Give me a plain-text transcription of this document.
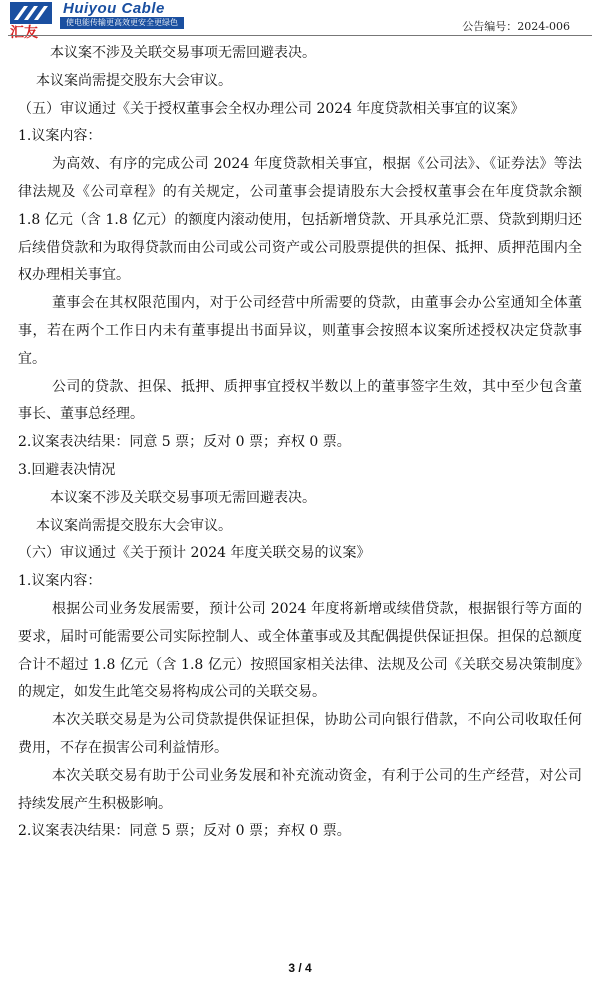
汇友
Huiyou Cable
使电能传输更高效更安全更绿色	公告编号：2024-006

本议案不涉及关联交易事项无需回避表决。

本议案尚需提交股东大会审议。

（五）审议通过《关于授权董事会全权办理公司 2024 年度贷款相关事宜的议案》

1.议案内容：

为高效、有序的完成公司 2024 年度贷款相关事宜，根据《公司法》、《证券法》等法律法规及《公司章程》的有关规定，公司董事会提请股东大会授权董事会在年度贷款余额 1.8 亿元（含 1.8 亿元）的额度内滚动使用，包括新增贷款、开具承兑汇票、贷款到期归还后续借贷款和为取得贷款而由公司或公司资产或公司股票提供的担保、抵押、质押范围内全权办理相关事宜。

董事会在其权限范围内，对于公司经营中所需要的贷款，由董事会办公室通知全体董事，若在两个工作日内未有董事提出书面异议，则董事会按照本议案所述授权决定贷款事宜。

公司的贷款、担保、抵押、质押事宜授权半数以上的董事签字生效，其中至少包含董事长、董事总经理。

2.议案表决结果：同意 5 票；反对 0 票；弃权 0 票。

3.回避表决情况

本议案不涉及关联交易事项无需回避表决。

本议案尚需提交股东大会审议。

（六）审议通过《关于预计 2024 年度关联交易的议案》

1.议案内容：

根据公司业务发展需要，预计公司 2024 年度将新增或续借贷款，根据银行等方面的要求，届时可能需要公司实际控制人、或全体董事或及其配偶提供保证担保。担保的总额度合计不超过 1.8 亿元（含 1.8 亿元）按照国家相关法律、法规及公司《关联交易决策制度》的规定，如发生此笔交易将构成公司的关联交易。

本次关联交易是为公司贷款提供保证担保，协助公司向银行借款，不向公司收取任何费用，不存在损害公司利益情形。

本次关联交易有助于公司业务发展和补充流动资金，有利于公司的生产经营，对公司持续发展产生积极影响。

2.议案表决结果：同意 5 票；反对 0 票；弃权 0 票。

3 / 4
